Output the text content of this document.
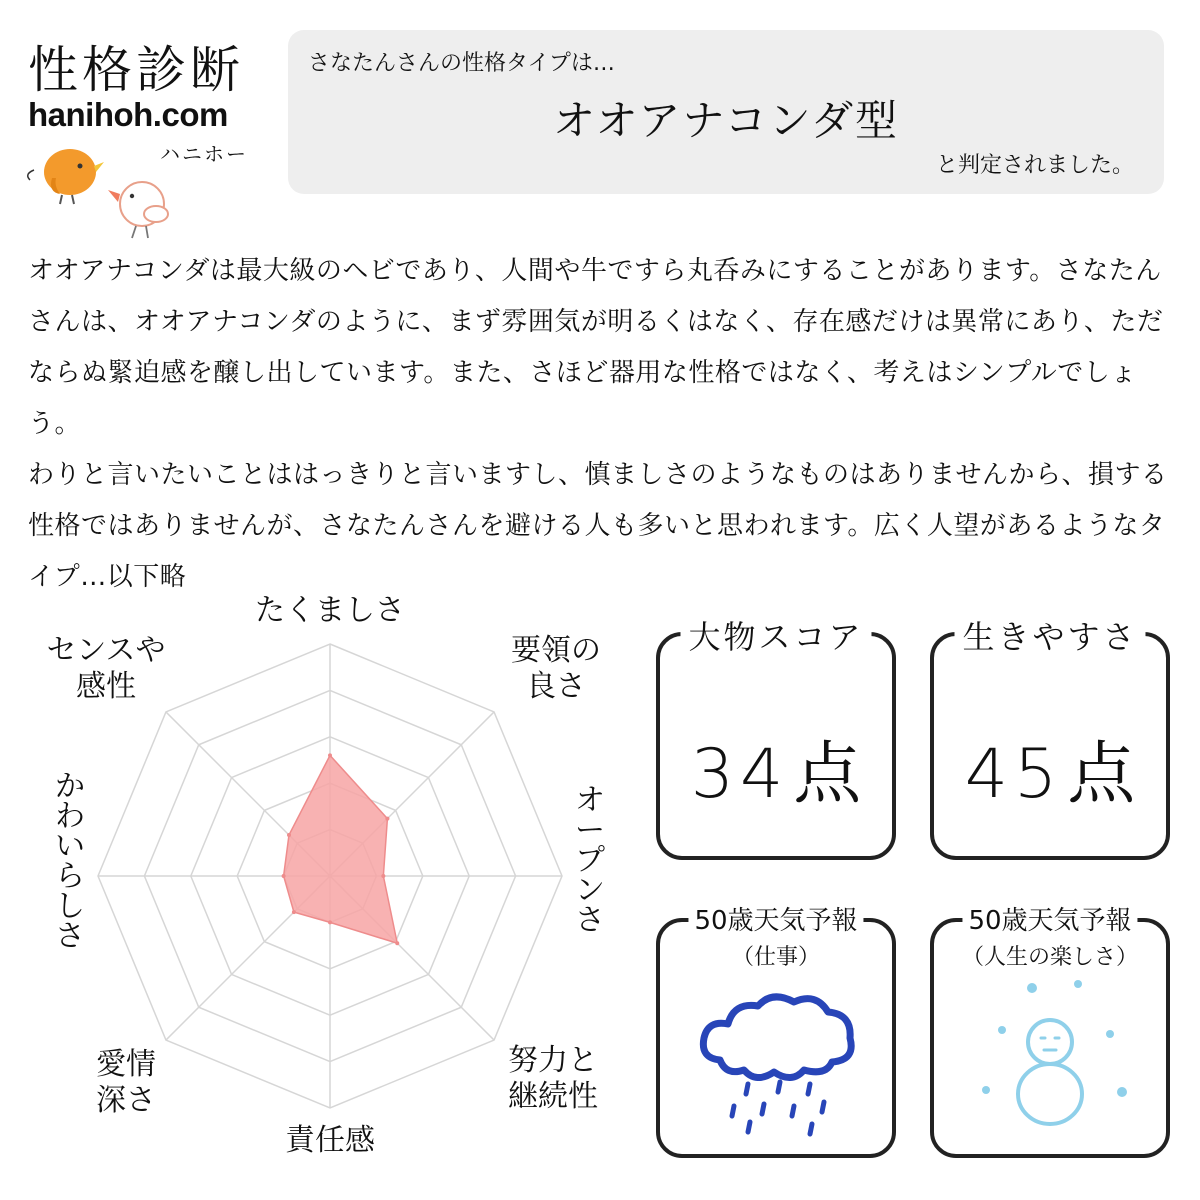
性格診断
hanihoh.com
ハニホー
さなたんさんの性格タイプは…
オオアナコンダ型
と判定されました。

オオアナコンダは最大級のヘビであり、人間や牛ですら丸呑みにすることがあります。さなたんさんは、オオアナコンダのように、まず雰囲気が明るくはなく、存在感だけは異常にあり、ただならぬ緊迫感を醸し出しています。また、さほど器用な性格ではなく、考えはシンプルでしょう。

わりと言いたいことははっきりと言いますし、慎ましさのようなものはありませんから、損する性格ではありませんが、さなたんさんを避ける人も多いと思われます。広く人望があるようなタイプ…以下略

たくましさ
要領の良さ
オープンさ
努力と継続性
責任感
愛情深さ
かわいらしさ
センスや感性
大物スコア
34点
生きやすさ
45点
50歳天気予報
（仕事）
50歳天気予報
（人生の楽しさ）
